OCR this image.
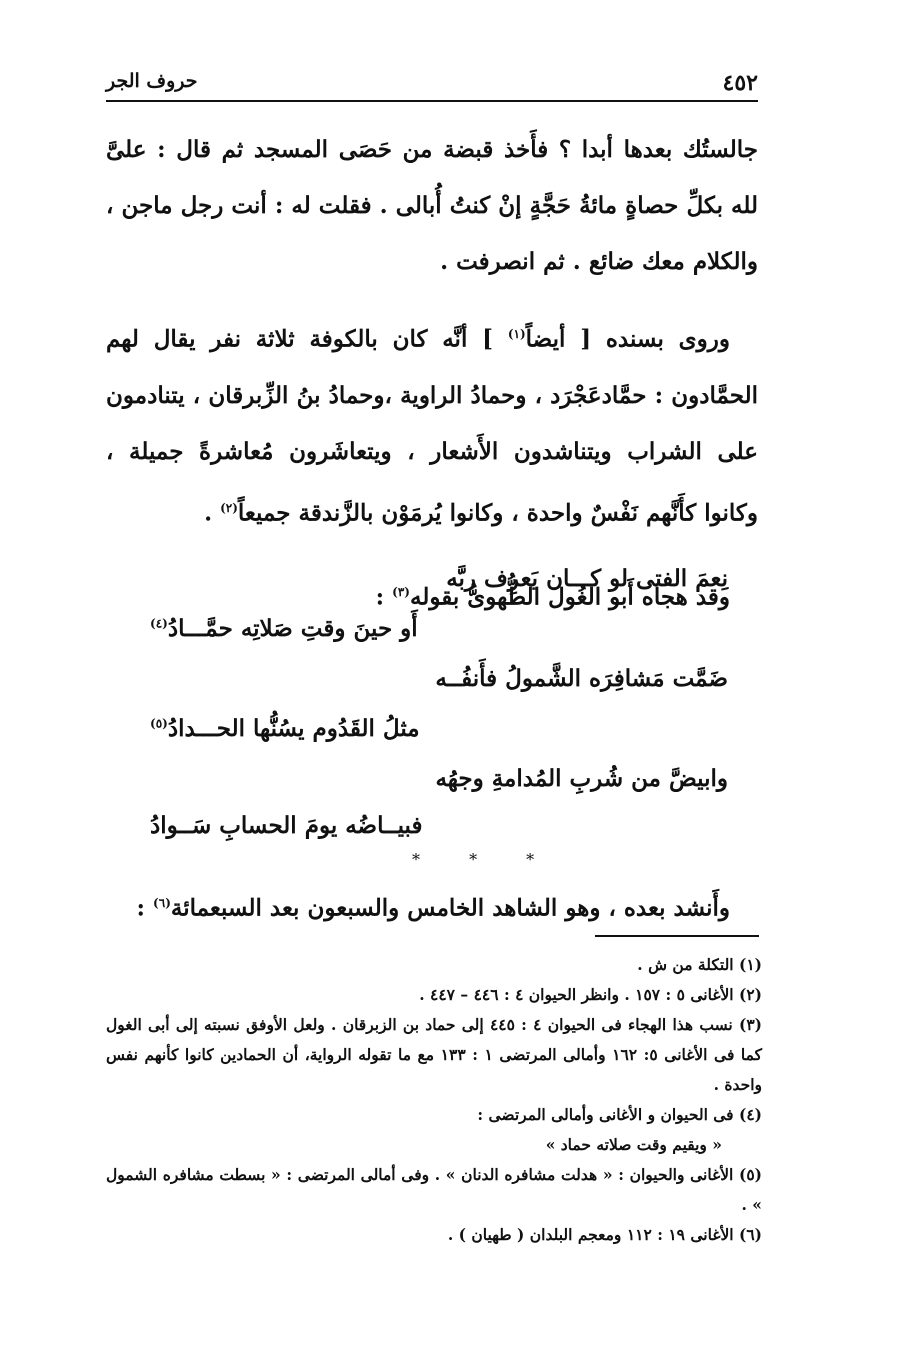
٤٥٢
حروف الجر

جالستُك بعدها أبدا ؟ فأَخذ قبضة من حَصَى المسجد ثم قال : علىَّ لله بكلِّ حصاةٍ مائةُ حَجَّةٍ إنْ كنتُ أُبالى . فقلت له : أنت رجل ماجن ، والكلام معك ضائع . ثم انصرفت .

وروى بسنده [ أيضاً$^{(١)}$ ] أنَّه كان بالكوفة ثلاثة نفر يقال لهم الحمَّادون : حمَّادعَجْرَد ، وحمادُ الراوية ،وحمادُ بنُ الزِّبرقان ، يتنادمون على الشراب ويتناشدون الأَشعار ، ويتعاشَرون مُعاشرةً جميلة ، وكانوا كأَنَّهم نَفْسٌ واحدة ، وكانوا يُرمَوْن بالزَّندقة جميعاً$^{(٢)}$ .

وقد هجاه أَبو الغُول الطُّهوىُّ بقوله$^{(٣)}$ :

نِعمَ الفتى لو كـــان يَعرِف ربَّه
أَو حينَ وقتِ صَلاتِه حمَّـــادُ$^{(٤)}$
ضَمَّت مَشافِرَه الشَّمولُ فأَنفُــه
مثلُ القَدُوم يسُنُّها الحـــدادُ$^{(٥)}$
وابيضَّ من شُربِ المُدامةِ وجهُه
فبيــاضُه يومَ الحسابِ سَــوادُ
* * *

وأَنشد بعده ، وهو الشاهد الخامس والسبعون بعد السبعمائة$^{(٦)}$ :

(١) التكلة من ش .

(٢) الأغانى ٥ : ١٥٧ . وانظر الحيوان ٤ : ٤٤٦ – ٤٤٧ .

(٣) نسب هذا الهجاء فى الحيوان ٤ : ٤٤٥ إلى حماد بن الزبرقان . ولعل الأوفق نسبته إلى أبى الغول كما فى الأغانى ٥: ١٦٢ وأمالى المرتضى ١ : ١٣٣ مع ما تقوله الرواية، أن الحمادين كانوا كأنهم نفس واحدة .

(٤) فى الحيوان و الأغانى وأمالى المرتضى :

« ويقيم وقت صلاته حماد »

(٥) الأغانى والحيوان : « هدلت مشافره الدنان » . وفى أمالى المرتضى : « بسطت مشافره الشمول » .

(٦) الأغانى ١٩ : ١١٢ ومعجم البلدان ( طهيان ) .
